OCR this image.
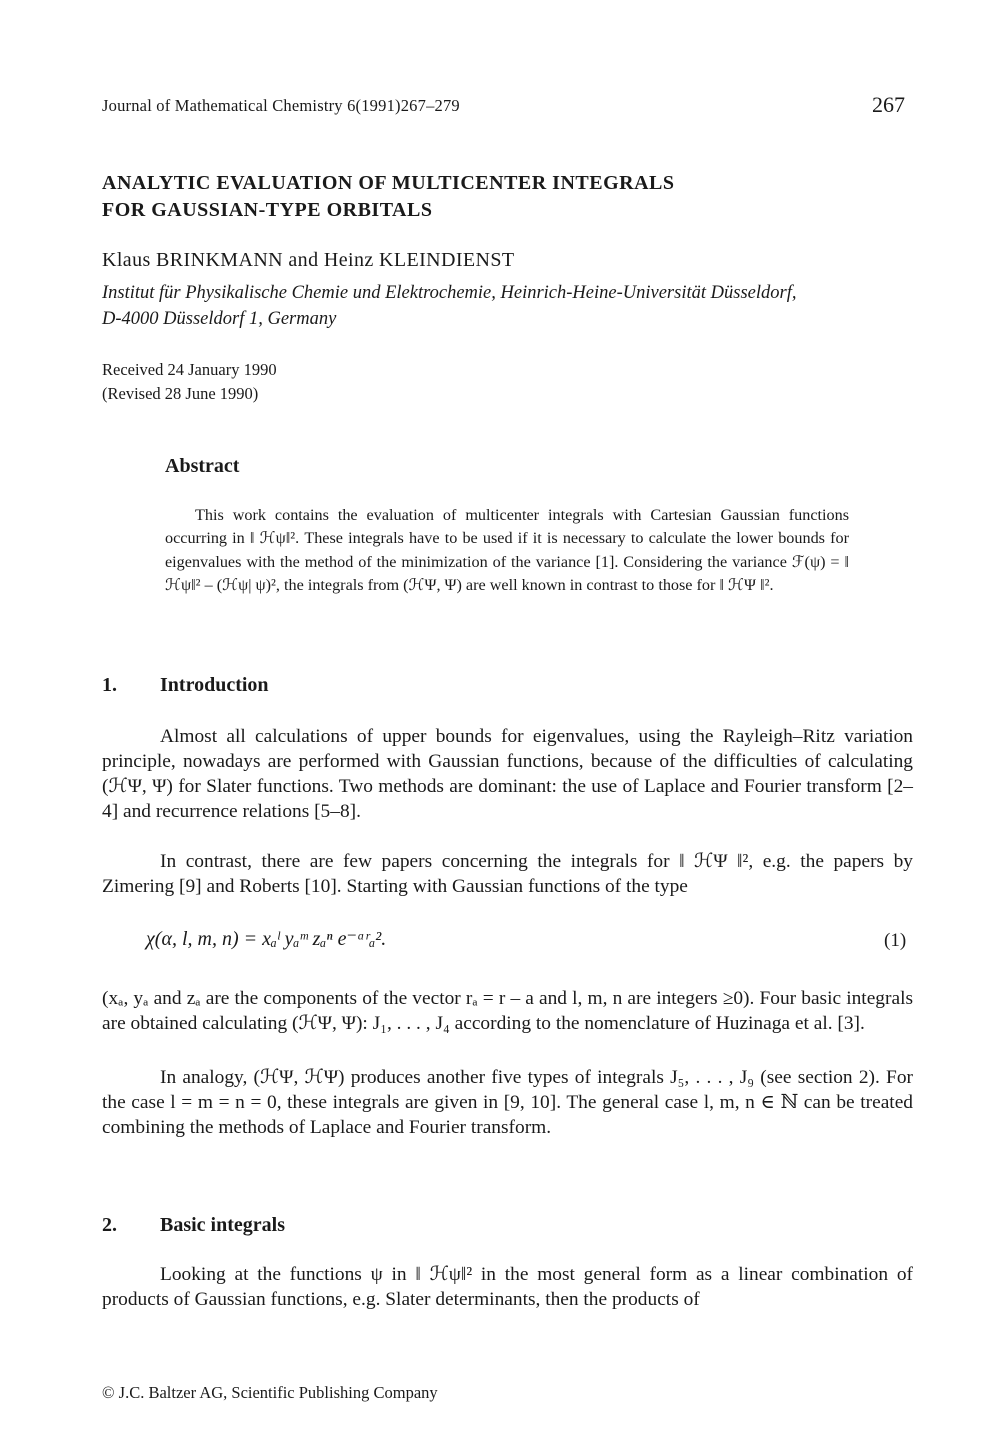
Journal of Mathematical Chemistry 6(1991)267–279	267
ANALYTIC EVALUATION OF MULTICENTER INTEGRALS
FOR GAUSSIAN-TYPE ORBITALS
Klaus BRINKMANN and Heinz KLEINDIENST
Institut für Physikalische Chemie und Elektrochemie, Heinrich-Heine-Universität Düsseldorf,
D-4000 Düsseldorf 1, Germany
Received 24 January 1990
(Revised 28 June 1990)
Abstract
This work contains the evaluation of multicenter integrals with Cartesian Gaussian functions occurring in ‖ ℋψ‖². These integrals have to be used if it is necessary to calculate the lower bounds for eigenvalues with the method of the minimization of the variance [1]. Considering the variance ℱ(ψ) = ‖ ℋψ‖² – (ℋψ| ψ)², the integrals from (ℋΨ, Ψ) are well known in contrast to those for ‖ ℋΨ ‖².
1. Introduction
Almost all calculations of upper bounds for eigenvalues, using the Rayleigh–Ritz variation principle, nowadays are performed with Gaussian functions, because of the difficulties of calculating (ℋΨ, Ψ) for Slater functions. Two methods are dominant: the use of Laplace and Fourier transform [2–4] and recurrence relations [5–8].
In contrast, there are few papers concerning the integrals for ‖ ℋΨ ‖², e.g. the papers by Zimering [9] and Roberts [10]. Starting with Gaussian functions of the type
χ(α, l, m, n) = xₐˡ yₐᵐ zₐⁿ e⁻ᵅʳₐ².	(1)
(xₐ, yₐ and zₐ are the components of the vector rₐ = r – a and l, m, n are integers ≥0). Four basic integrals are obtained calculating (ℋΨ, Ψ): J₁, . . . , J₄ according to the nomenclature of Huzinaga et al. [3].
In analogy, (ℋΨ, ℋΨ) produces another five types of integrals J₅, . . . , J₉ (see section 2). For the case l = m = n = 0, these integrals are given in [9, 10]. The general case l, m, n ∈ ℕ can be treated combining the methods of Laplace and Fourier transform.
2. Basic integrals
Looking at the functions ψ in ‖ ℋψ‖² in the most general form as a linear combination of products of Gaussian functions, e.g. Slater determinants, then the products of
© J.C. Baltzer AG, Scientific Publishing Company
